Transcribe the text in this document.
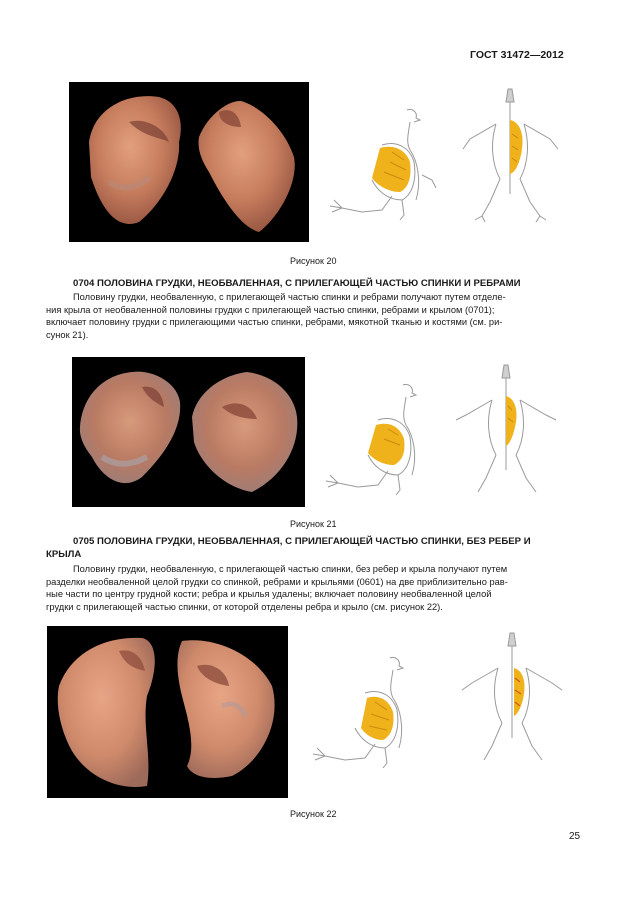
ГОСТ 31472—2012
Рисунок 20
0704 ПОЛОВИНА ГРУДКИ, НЕОБВАЛЕННАЯ, С ПРИЛЕГАЮЩЕЙ ЧАСТЬЮ СПИНКИ И РЕБРАМИ
Половину грудки, необваленную, с прилегающей частью спинки и ребрами получают путем отделе-
ния крыла от необваленной половины грудки с прилегающей частью спинки, ребрами и крылом (0701);
включает половину грудки с прилегающими частью спинки, ребрами, мякотной тканью и костями (см. ри-
сунок 21).
Рисунок 21
0705 ПОЛОВИНА ГРУДКИ, НЕОБВАЛЕННАЯ, С ПРИЛЕГАЮЩЕЙ ЧАСТЬЮ СПИНКИ, БЕЗ РЕБЕР И
КРЫЛА
Половину грудки, необваленную, с прилегающей частью спинки, без ребер и крыла получают путем
разделки необваленной целой грудки со спинкой, ребрами и крыльями (0601) на две приблизительно рав-
ные части по центру грудной кости; ребра и крылья удалены; включает половину необваленной целой
грудки с прилегающей частью спинки, от которой отделены ребра и крыло (см. рисунок 22).
Рисунок 22
25
